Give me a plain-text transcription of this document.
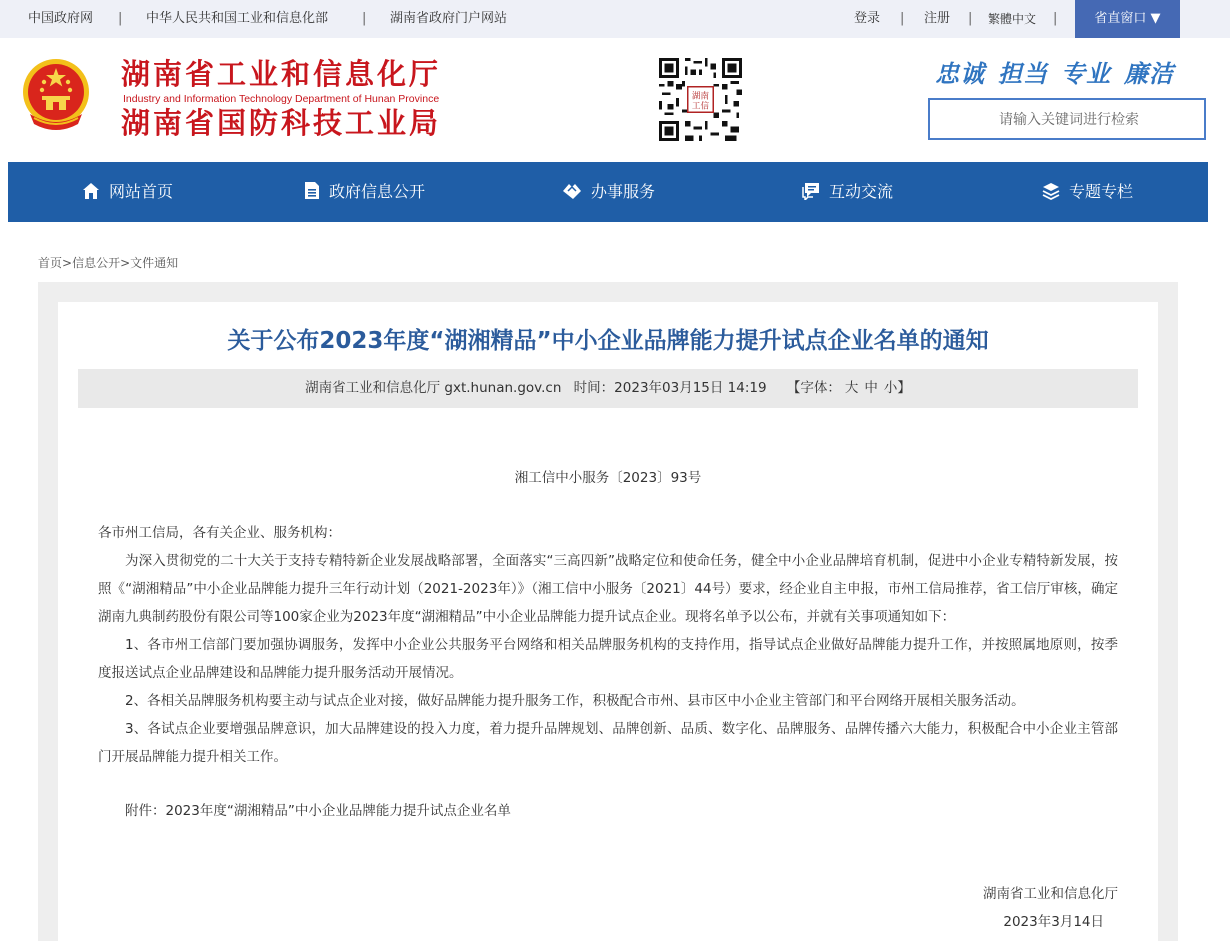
中国政府网 | 中华人民共和国工业和信息化部	| 湖南省政府门户网站	登录 | 注册 | 繁體中文 |	省直窗口 ▼
湖南省工业和信息化厅
Industry and Information Technology Department of Hunan Province
湖南省国防科技工业局
湖南
工信
忠诚 担当 专业 廉洁
请输入关键词进行检索
网站首页	政府信息公开	办事服务	互动交流	专题专栏
首页>信息公开>文件通知
关于公布2023年度“湖湘精品”中小企业品牌能力提升试点企业名单的通知
湖南省工业和信息化厅 gxt.hunan.gov.cn 时间：2023年03月15日 14:19 【字体： 大 中 小】
湘工信中小服务〔2023〕93号

各市州工信局，各有关企业、服务机构：

为深入贯彻党的二十大关于支持专精特新企业发展战略部署，全面落实“三高四新”战略定位和使命任务，健全中小企业品牌培育机制，促进中小企业专精特新发展，按照《“湖湘精品”中小企业品牌能力提升三年行动计划（2021-2023年）》（湘工信中小服务〔2021〕44号）要求，经企业自主申报，市州工信局推荐，省工信厅审核，确定湖南九典制药股份有限公司等100家企业为2023年度“湖湘精品”中小企业品牌能力提升试点企业。现将名单予以公布，并就有关事项通知如下：

1、各市州工信部门要加强协调服务，发挥中小企业公共服务平台网络和相关品牌服务机构的支持作用，指导试点企业做好品牌能力提升工作，并按照属地原则，按季度报送试点企业品牌建设和品牌能力提升服务活动开展情况。

2、各相关品牌服务机构要主动与试点企业对接，做好品牌能力提升服务工作，积极配合市州、县市区中小企业主管部门和平台网络开展相关服务活动。

3、各试点企业要增强品牌意识，加大品牌建设的投入力度，着力提升品牌规划、品牌创新、品质、数字化、品牌服务、品牌传播六大能力，积极配合中小企业主管部门开展品牌能力提升相关工作。

附件：2023年度“湖湘精品”中小企业品牌能力提升试点企业名单
湖南省工业和信息化厅
2023年3月14日
